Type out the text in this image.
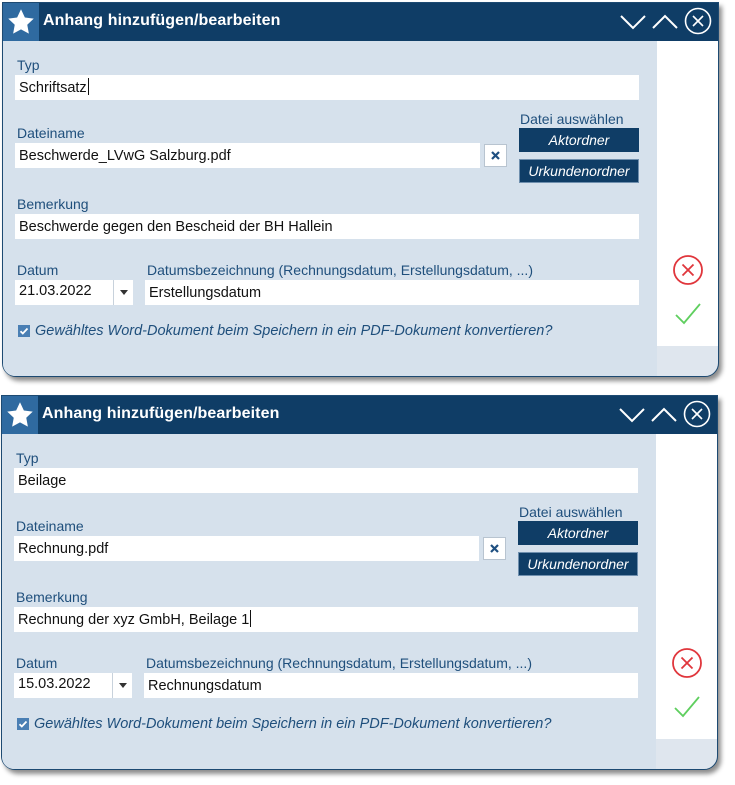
Anhang hinzufügen/bearbeiten
Typ
Schriftsatz
Dateiname
Beschwerde_LVwG Salzburg.pdf
Datei auswählen
Aktordner
Urkundenordner
Bemerkung
Beschwerde gegen den Bescheid der BH Hallein
Datum
21.03.2022
Datumsbezeichnung (Rechnungsdatum, Erstellungsdatum, ...)
Erstellungsdatum
Gewähltes Word-Dokument beim Speichern in ein PDF-Dokument konvertieren?
Anhang hinzufügen/bearbeiten
Typ
Beilage
Dateiname
Rechnung.pdf
Datei auswählen
Aktordner
Urkundenordner
Bemerkung
Rechnung der xyz GmbH, Beilage 1
Datum
15.03.2022
Datumsbezeichnung (Rechnungsdatum, Erstellungsdatum, ...)
Rechnungsdatum
Gewähltes Word-Dokument beim Speichern in ein PDF-Dokument konvertieren?
